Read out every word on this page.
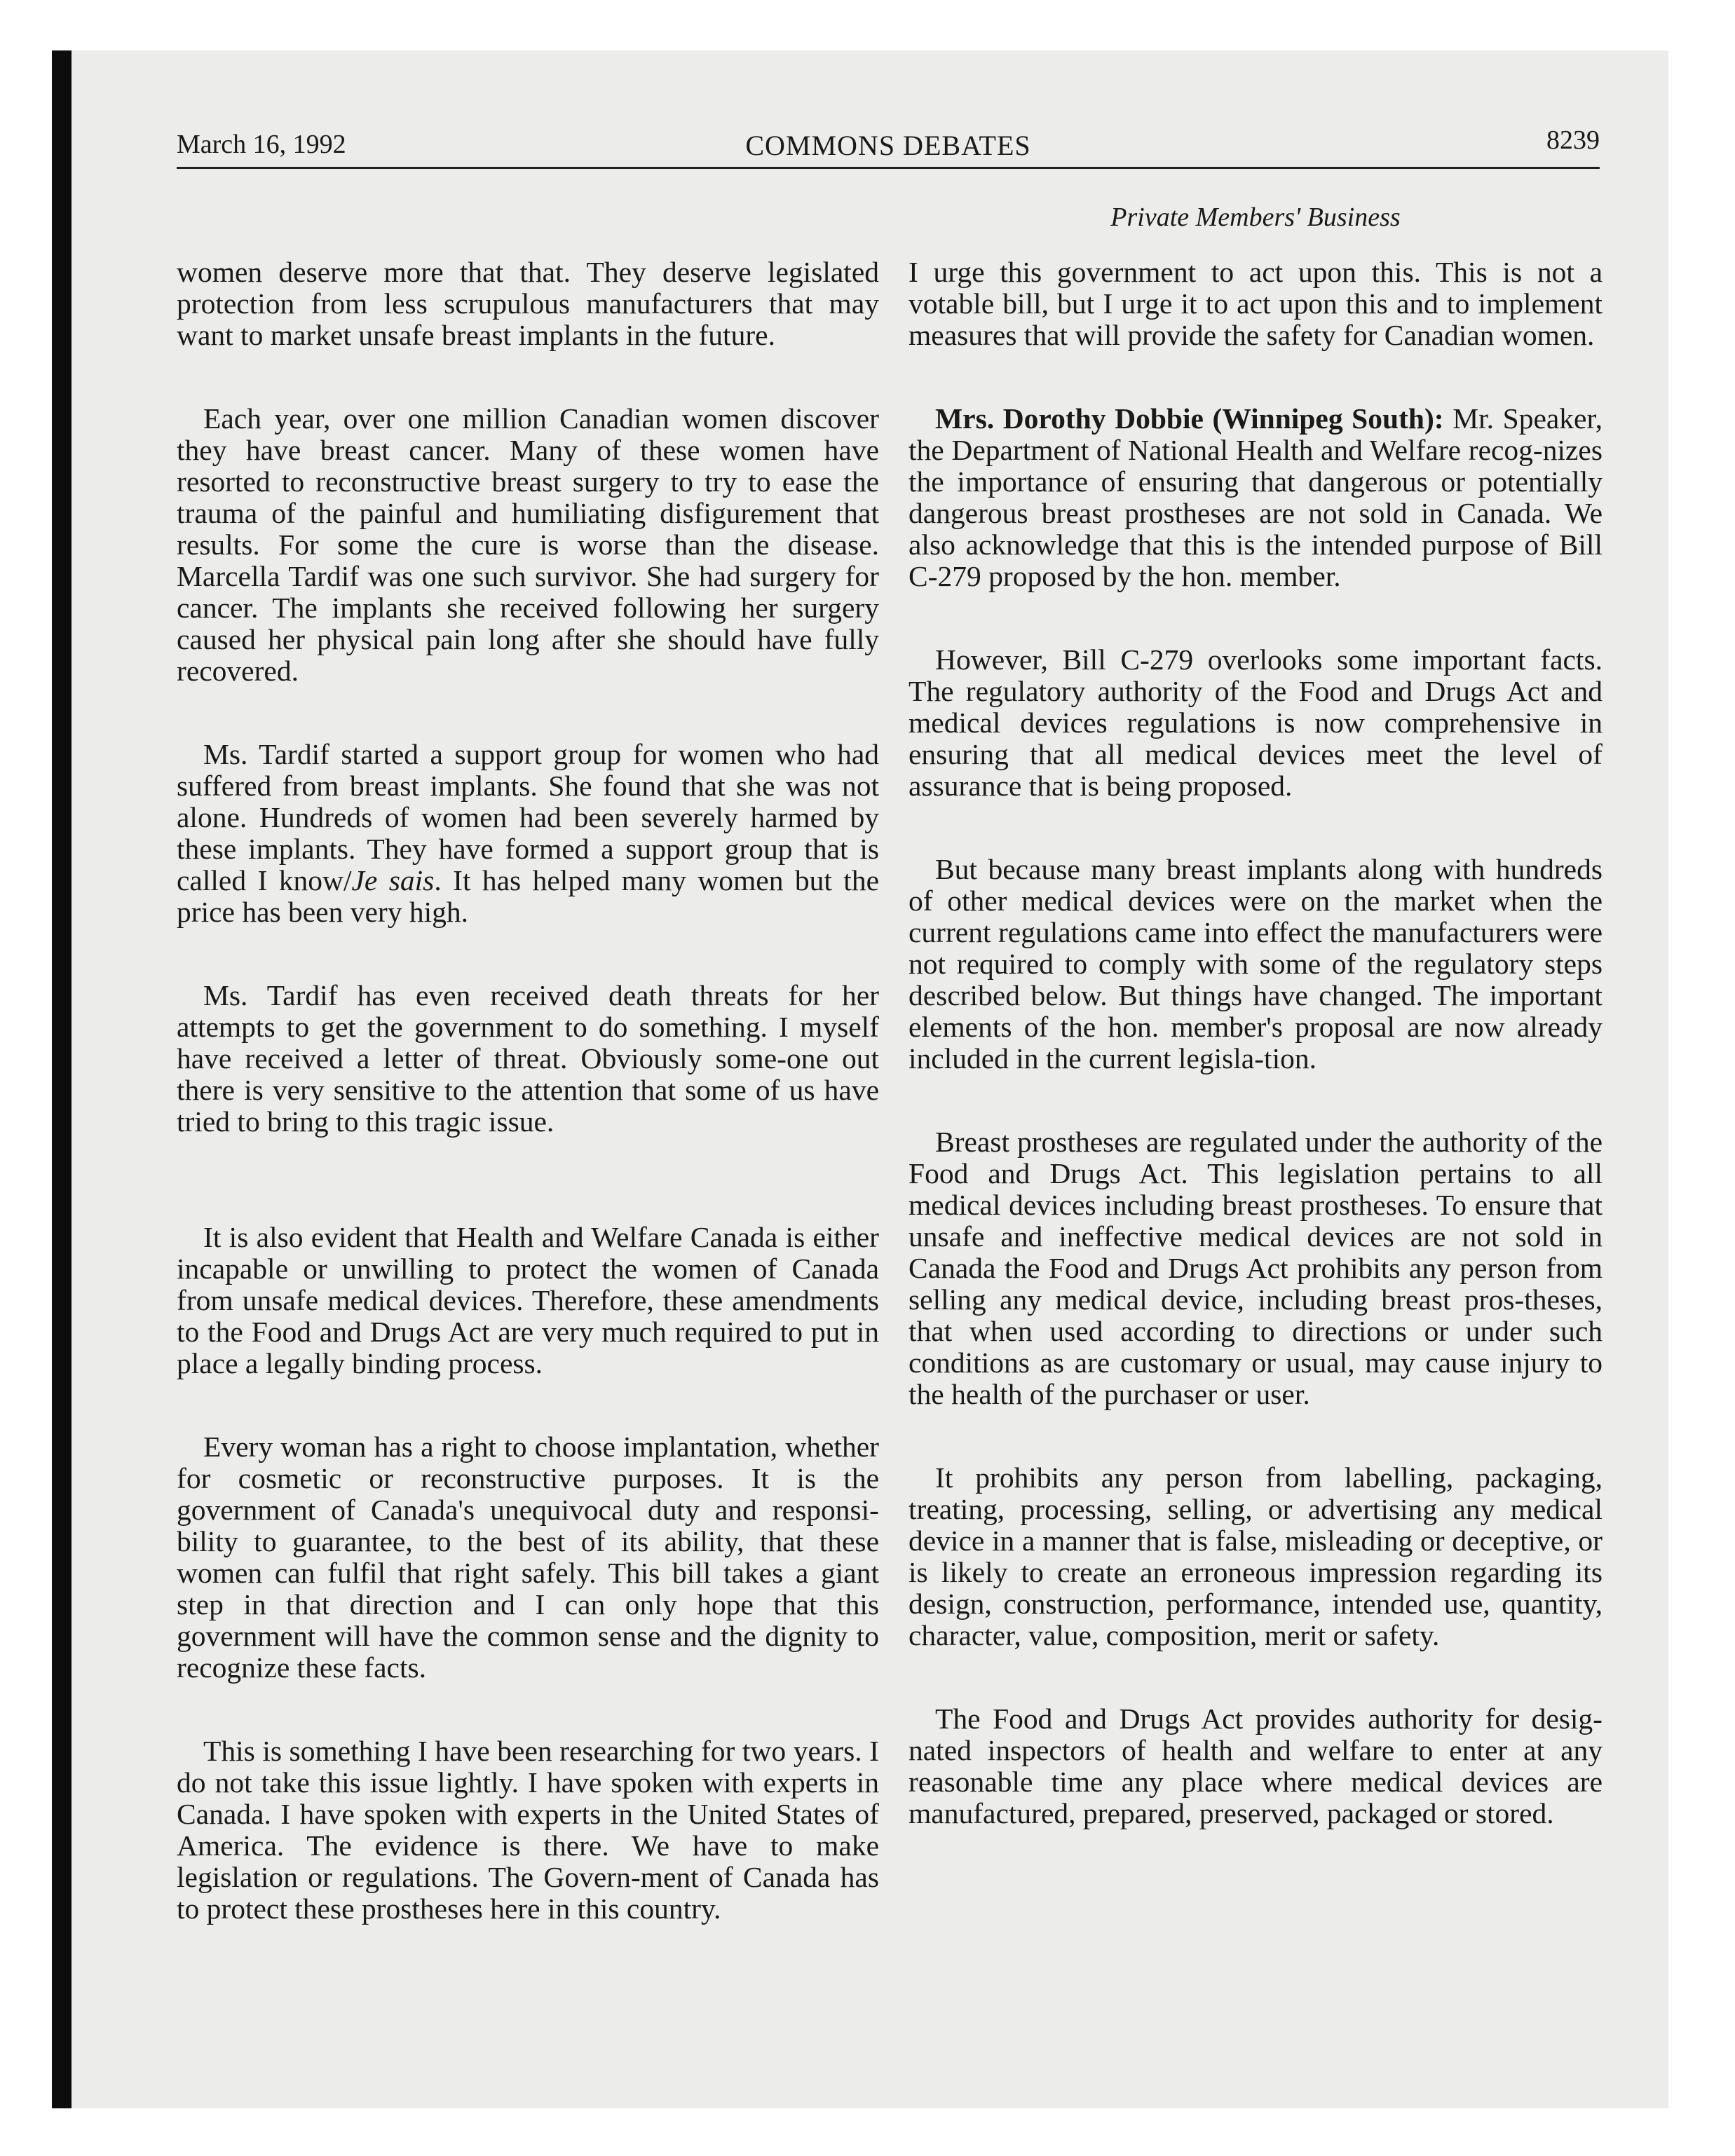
March 16, 1992	COMMONS DEBATES	8239
Private Members' Business

women deserve more that that. They deserve legislated protection from less scrupulous manufacturers that may want to market unsafe breast implants in the future.

Each year, over one million Canadian women discover they have breast cancer. Many of these women have resorted to reconstructive breast surgery to try to ease the trauma of the painful and humiliating disfigurement that results. For some the cure is worse than the disease. Marcella Tardif was one such survivor. She had surgery for cancer. The implants she received following her surgery caused her physical pain long after she should have fully recovered.

Ms. Tardif started a support group for women who had suffered from breast implants. She found that she was not alone. Hundreds of women had been severely harmed by these implants. They have formed a support group that is called I know/Je sais. It has helped many women but the price has been very high.

Ms. Tardif has even received death threats for her attempts to get the government to do something. I myself have received a letter of threat. Obviously some-one out there is very sensitive to the attention that some of us have tried to bring to this tragic issue.

It is also evident that Health and Welfare Canada is either incapable or unwilling to protect the women of Canada from unsafe medical devices. Therefore, these amendments to the Food and Drugs Act are very much required to put in place a legally binding process.

Every woman has a right to choose implantation, whether for cosmetic or reconstructive purposes. It is the government of Canada's unequivocal duty and responsi-bility to guarantee, to the best of its ability, that these women can fulfil that right safely. This bill takes a giant step in that direction and I can only hope that this government will have the common sense and the dignity to recognize these facts.

This is something I have been researching for two years. I do not take this issue lightly. I have spoken with experts in Canada. I have spoken with experts in the United States of America. The evidence is there. We have to make legislation or regulations. The Govern-ment of Canada has to protect these prostheses here in this country.

I urge this government to act upon this. This is not a votable bill, but I urge it to act upon this and to implement measures that will provide the safety for Canadian women.

Mrs. Dorothy Dobbie (Winnipeg South): Mr. Speaker, the Department of National Health and Welfare recog-nizes the importance of ensuring that dangerous or potentially dangerous breast prostheses are not sold in Canada. We also acknowledge that this is the intended purpose of Bill C-279 proposed by the hon. member.

However, Bill C-279 overlooks some important facts. The regulatory authority of the Food and Drugs Act and medical devices regulations is now comprehensive in ensuring that all medical devices meet the level of assurance that is being proposed.

But because many breast implants along with hundreds of other medical devices were on the market when the current regulations came into effect the manufacturers were not required to comply with some of the regulatory steps described below. But things have changed. The important elements of the hon. member's proposal are now already included in the current legisla-tion.

Breast prostheses are regulated under the authority of the Food and Drugs Act. This legislation pertains to all medical devices including breast prostheses. To ensure that unsafe and ineffective medical devices are not sold in Canada the Food and Drugs Act prohibits any person from selling any medical device, including breast pros-theses, that when used according to directions or under such conditions as are customary or usual, may cause injury to the health of the purchaser or user.

It prohibits any person from labelling, packaging, treating, processing, selling, or advertising any medical device in a manner that is false, misleading or deceptive, or is likely to create an erroneous impression regarding its design, construction, performance, intended use, quantity, character, value, composition, merit or safety.

The Food and Drugs Act provides authority for desig-nated inspectors of health and welfare to enter at any reasonable time any place where medical devices are manufactured, prepared, preserved, packaged or stored.
